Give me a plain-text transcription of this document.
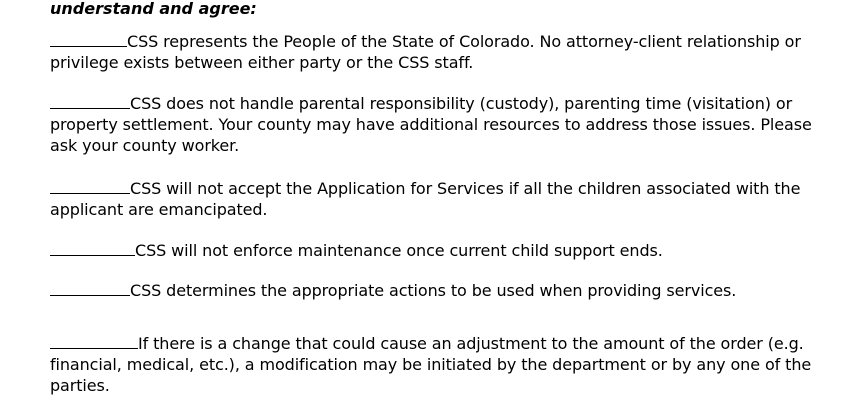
understand and agree:
CSS represents the People of the State of Colorado. No attorney-client relationship or privilege exists between either party or the CSS staff.
CSS does not handle parental responsibility (custody), parenting time (visitation) or property settlement. Your county may have additional resources to address those issues. Please ask your county worker.
CSS will not accept the Application for Services if all the children associated with the applicant are emancipated.
CSS will not enforce maintenance once current child support ends.
CSS determines the appropriate actions to be used when providing services.
If there is a change that could cause an adjustment to the amount of the order (e.g. financial, medical, etc.), a modification may be initiated by the department or by any one of the parties.
